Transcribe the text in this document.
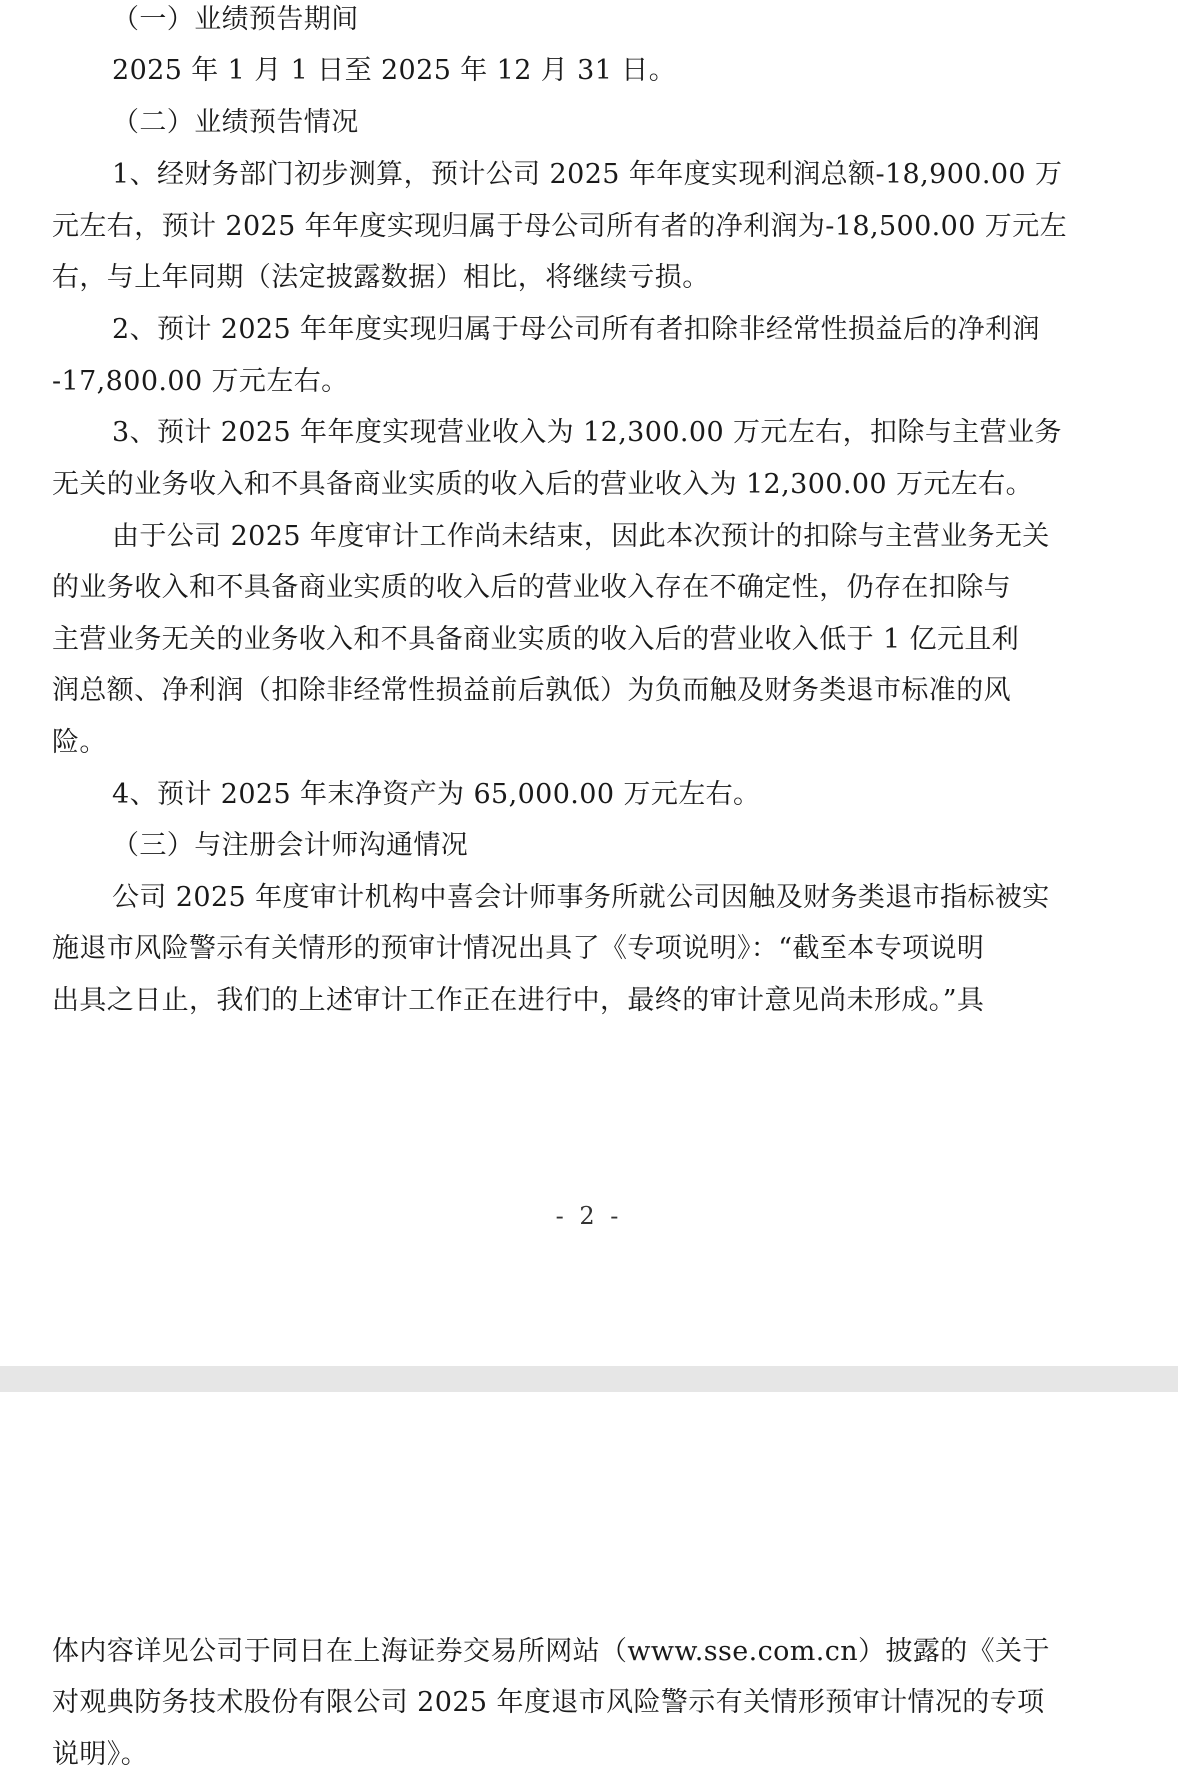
（一）业绩预告期间
2025 年 1 月 1 日至 2025 年 12 月 31 日。
（二）业绩预告情况
1、经财务部门初步测算，预计公司 2025 年年度实现利润总额-18,900.00 万
元左右，预计 2025 年年度实现归属于母公司所有者的净利润为-18,500.00 万元左
右，与上年同期（法定披露数据）相比，将继续亏损。
2、预计 2025 年年度实现归属于母公司所有者扣除非经常性损益后的净利润
-17,800.00 万元左右。
3、预计 2025 年年度实现营业收入为 12,300.00 万元左右，扣除与主营业务
无关的业务收入和不具备商业实质的收入后的营业收入为 12,300.00 万元左右。
由于公司 2025 年度审计工作尚未结束，因此本次预计的扣除与主营业务无关
的业务收入和不具备商业实质的收入后的营业收入存在不确定性，仍存在扣除与
主营业务无关的业务收入和不具备商业实质的收入后的营业收入低于 1 亿元且利
润总额、净利润（扣除非经常性损益前后孰低）为负而触及财务类退市标准的风
险。
4、预计 2025 年末净资产为 65,000.00 万元左右。
（三）与注册会计师沟通情况
公司 2025 年度审计机构中喜会计师事务所就公司因触及财务类退市指标被实
施退市风险警示有关情形的预审计情况出具了《专项说明》：“截至本专项说明
出具之日止，我们的上述审计工作正在进行中，最终的审计意见尚未形成。”具
- 2 -
体内容详见公司于同日在上海证券交易所网站（www.sse.com.cn）披露的《关于
对观典防务技术股份有限公司 2025 年度退市风险警示有关情形预审计情况的专项
说明》。
